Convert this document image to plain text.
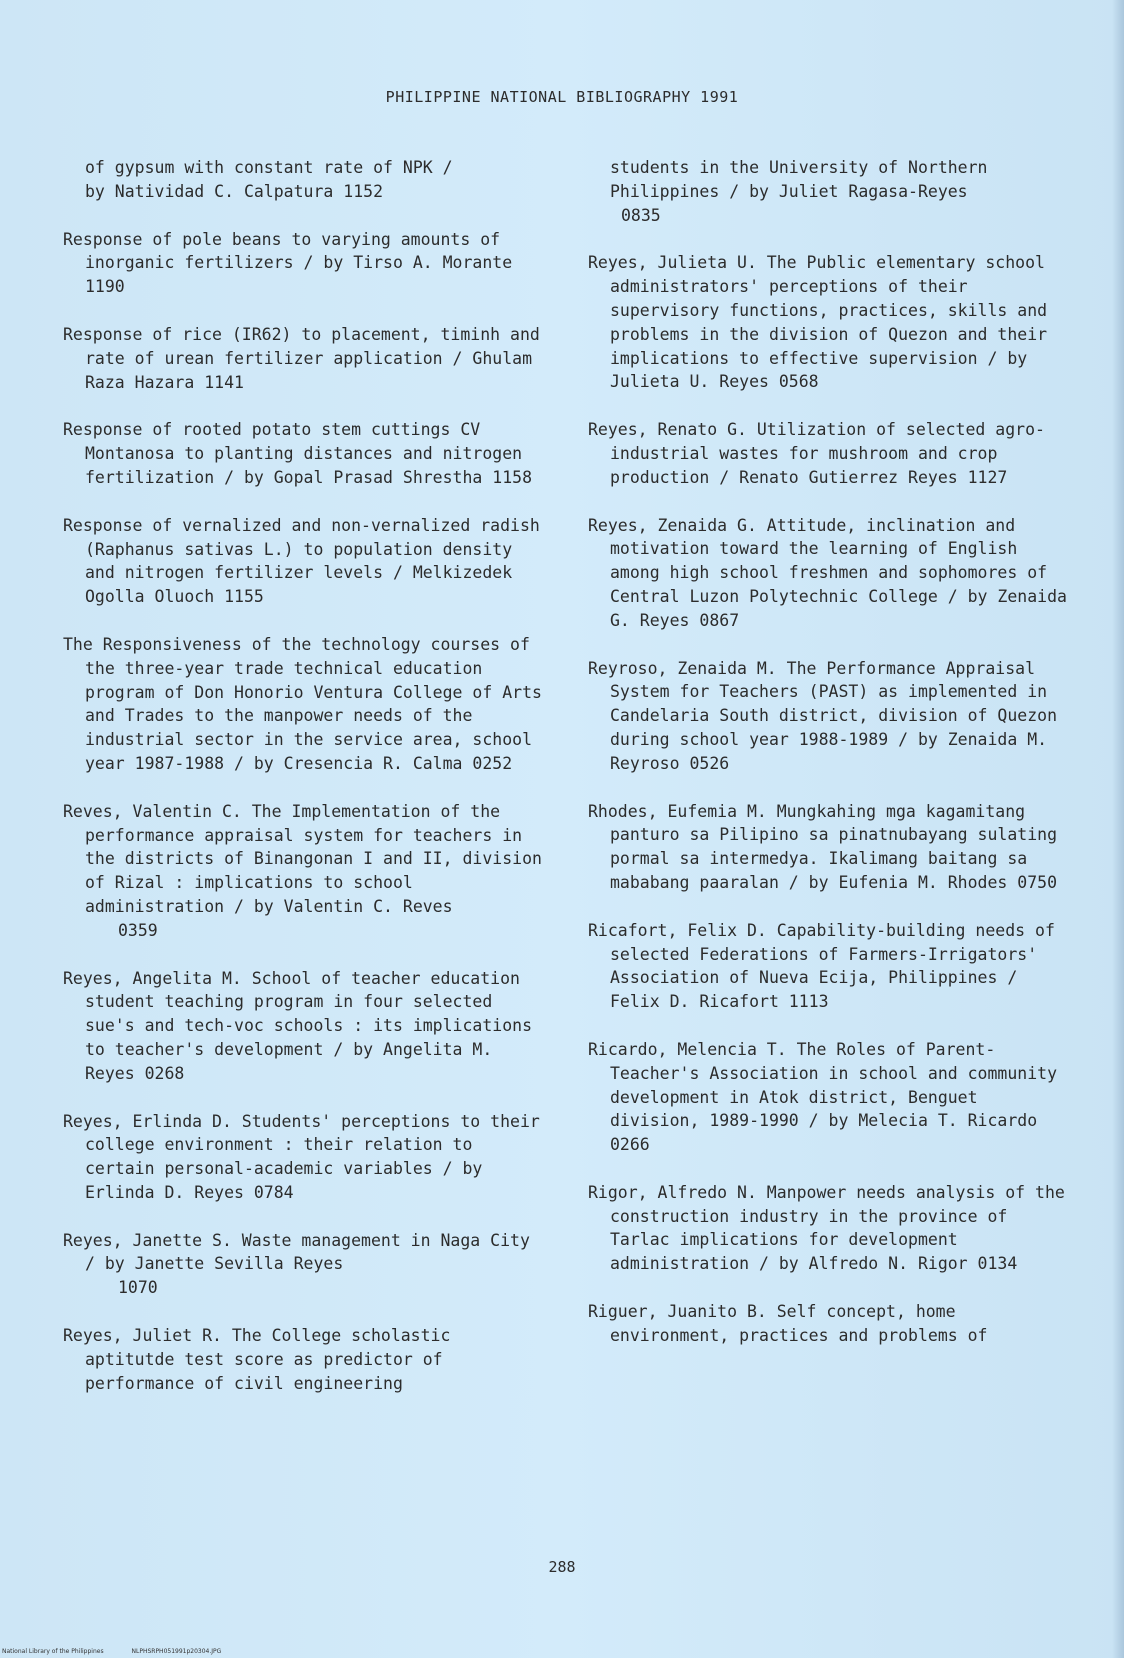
PHILIPPINE NATIONAL BIBLIOGRAPHY 1991
of gypsum with constant rate of NPK /
by Natividad C. Calpatura 1152
Response of pole beans to varying amounts of inorganic fertilizers / by Tirso A. Morante 1190
Response of rice (IR62) to placement, timinh and rate of urean fertilizer application / Ghulam Raza Hazara 1141
Response of rooted potato stem cuttings CV Montanosa to planting distances and nitrogen fertilization / by Gopal Prasad Shrestha 1158
Response of vernalized and non-vernalized radish (Raphanus sativas L.) to population density and nitrogen fertilizer levels / Melkizedek Ogolla Oluoch 1155
The Responsiveness of the technology courses of the three-year trade technical education program of Don Honorio Ventura College of Arts and Trades to the manpower needs of the industrial sector in the service area, school year 1987-1988 / by Cresencia R. Calma 0252
Reves, Valentin C. The Implementation of the performance appraisal system for teachers in the districts of Binangonan I and II, division of Rizal : implications to school administration / by Valentin C. Reves
0359
Reyes, Angelita M. School of teacher education student teaching program in four selected sue's and tech-voc schools : its implications to teacher's development / by Angelita M. Reyes 0268
Reyes, Erlinda D. Students' perceptions to their college environment : their relation to certain personal-academic variables / by Erlinda D. Reyes 0784
Reyes, Janette S. Waste management in Naga City / by Janette Sevilla Reyes
1070
Reyes, Juliet R. The College scholastic aptitutde test score as predictor of performance of civil engineering
students in the University of Northern
Philippines / by Juliet Ragasa-Reyes
0835
Reyes, Julieta U. The Public elementary school administrators' perceptions of their supervisory functions, practices, skills and problems in the division of Quezon and their implications to effective supervision / by Julieta U. Reyes 0568
Reyes, Renato G. Utilization of selected agro-industrial wastes for mushroom and crop production / Renato Gutierrez Reyes 1127
Reyes, Zenaida G. Attitude, inclination and motivation toward the learning of English among high school freshmen and sophomores of Central Luzon Polytechnic College / by Zenaida G. Reyes 0867
Reyroso, Zenaida M. The Performance Appraisal System for Teachers (PAST) as implemented in Candelaria South district, division of Quezon during school year 1988-1989 / by Zenaida M. Reyroso 0526
Rhodes, Eufemia M. Mungkahing mga kagamitang panturo sa Pilipino sa pinatnubayang sulating pormal sa intermedya. Ikalimang baitang sa mababang paaralan / by Eufenia M. Rhodes 0750
Ricafort, Felix D. Capability-building needs of selected Federations of Farmers-Irrigators' Association of Nueva Ecija, Philippines / Felix D. Ricafort 1113
Ricardo, Melencia T. The Roles of Parent-Teacher's Association in school and community development in Atok district, Benguet division, 1989-1990 / by Melecia T. Ricardo 0266
Rigor, Alfredo N. Manpower needs analysis of the construction industry in the province of Tarlac implications for development administration / by Alfredo N. Rigor 0134
Riguer, Juanito B. Self concept, home environment, practices and problems of
288
National Library of the Philippines	NLPHSRPH051991p20304.JPG
